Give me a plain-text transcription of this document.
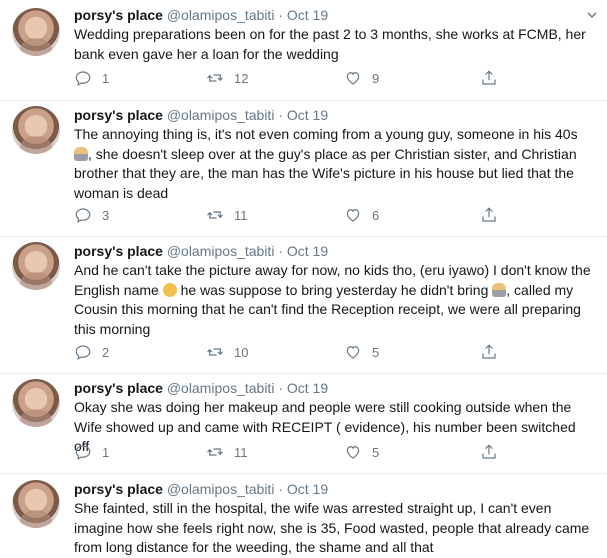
porsy's place @olamipos_tabiti · Oct 19
Wedding preparations been on for the past 2 to 3 months, she works at FCMB, her bank even gave her a loan for the wedding
1	12	9
porsy's place @olamipos_tabiti · Oct 19
The annoying thing is, it's not even coming from a young guy, someone in his 40s , she doesn't sleep over at the guy's place as per Christian sister, and Christian brother that they are, the man has the Wife's picture in his house but lied that the woman is dead
3	11	6
porsy's place @olamipos_tabiti · Oct 19
And he can't take the picture away for now, no kids tho, (eru iyawo) I don't know the English name  he was suppose to bring yesterday he didn't bring , called my Cousin this morning that he can't find the Reception receipt, we were all preparing this morning
2	10	5
porsy's place @olamipos_tabiti · Oct 19
Okay she was doing her makeup and people were still cooking outside when the Wife showed up and came with RECEIPT ( evidence), his number been switched off 1	11	5
porsy's place @olamipos_tabiti · Oct 19
She fainted, still in the hospital, the wife was arrested straight up, I can't even imagine how she feels right now, she is 35, Food wasted, people that already came from long distance for the weeding, the shame and all that
